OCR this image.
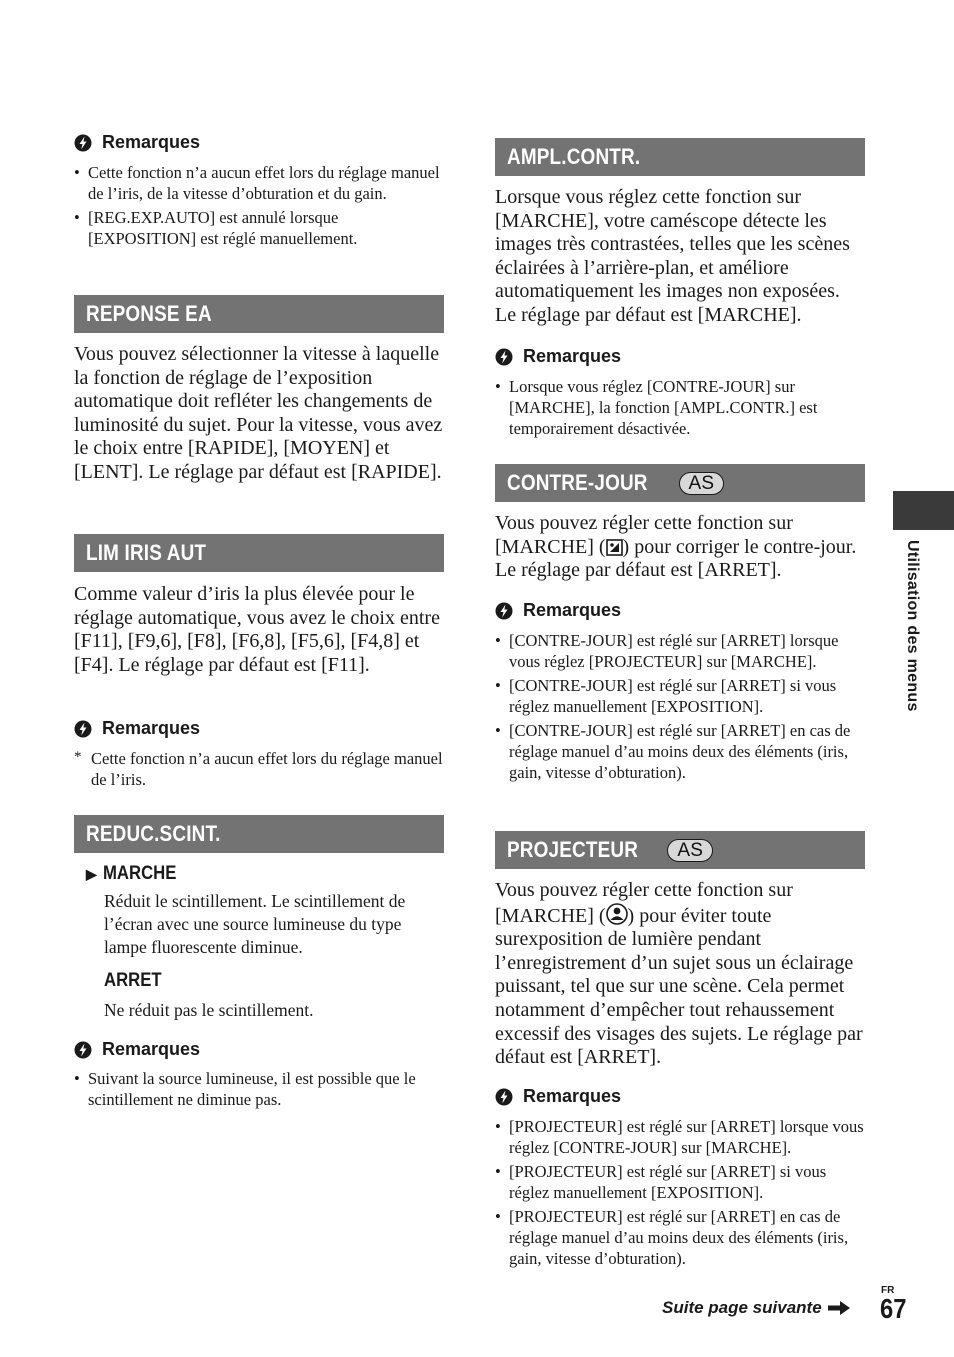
Remarques
• Cette fonction n’a aucun effet lors du réglage manuel de l’iris, de la vitesse d’obturation et du gain.
• [REG.EXP.AUTO] est annulé lorsque [EXPOSITION] est réglé manuellement.
REPONSE EA

Vous pouvez sélectionner la vitesse à laquelle la fonction de réglage de l’exposition automatique doit refléter les changements de luminosité du sujet. Pour la vitesse, vous avez le choix entre [RAPIDE], [MOYEN] et [LENT]. Le réglage par défaut est [RAPIDE].

LIM IRIS AUT

Comme valeur d’iris la plus élevée pour le réglage automatique, vous avez le choix entre [F11], [F9,6], [F8], [F6,8], [F5,6], [F4,8] et [F4]. Le réglage par défaut est [F11].

Remarques
* Cette fonction n’a aucun effet lors du réglage manuel de l’iris.
REDUC.SCINT.
▶ MARCHE

Réduit le scintillement. Le scintillement de l’écran avec une source lumineuse du type lampe fluorescente diminue.

ARRET

Ne réduit pas le scintillement.

Remarques
• Suivant la source lumineuse, il est possible que le scintillement ne diminue pas.
AMPL.CONTR.

Lorsque vous réglez cette fonction sur [MARCHE], votre caméscope détecte les images très contrastées, telles que les scènes éclairées à l’arrière-plan, et améliore automatiquement les images non exposées. Le réglage par défaut est [MARCHE].

Remarques
• Lorsque vous réglez [CONTRE-JOUR] sur [MARCHE], la fonction [AMPL.CONTR.] est temporairement désactivée.
CONTRE-JOUR	AS

Vous pouvez régler cette fonction sur [MARCHE] ( ) pour corriger le contre-jour. Le réglage par défaut est [ARRET].

Remarques
• [CONTRE-JOUR] est réglé sur [ARRET] lorsque vous réglez [PROJECTEUR] sur [MARCHE].
• [CONTRE-JOUR] est réglé sur [ARRET] si vous réglez manuellement [EXPOSITION].
• [CONTRE-JOUR] est réglé sur [ARRET] en cas de réglage manuel d’au moins deux des éléments (iris, gain, vitesse d’obturation).
PROJECTEUR	AS

Vous pouvez régler cette fonction sur [MARCHE] ( ) pour éviter toute surexposition de lumière pendant l’enregistrement d’un sujet sous un éclairage puissant, tel que sur une scène. Cela permet notamment d’empêcher tout rehaussement excessif des visages des sujets. Le réglage par défaut est [ARRET].

Remarques
• [PROJECTEUR] est réglé sur [ARRET] lorsque vous réglez [CONTRE-JOUR] sur [MARCHE].
• [PROJECTEUR] est réglé sur [ARRET] si vous réglez manuellement [EXPOSITION].
• [PROJECTEUR] est réglé sur [ARRET] en cas de réglage manuel d’au moins deux des éléments (iris, gain, vitesse d’obturation).
Utilisation des menus
Suite page suivante
FR
67
